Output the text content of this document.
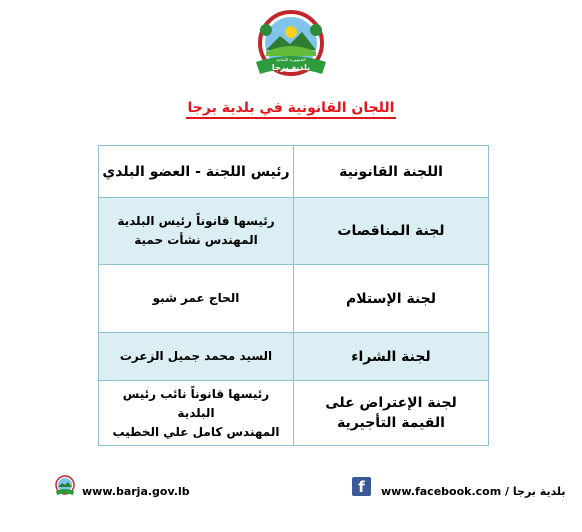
بلدية برجا
الجمهورية اللبنانية
اللجان القانونية في بلدية برجا
اللجنة القانونية	رئيس اللجنة - العضو البلدي
لجنة المناقصات	رئيسها قانوناً رئيس البلدية
المهندس نشأت حمية

لجنة الإستلام	الحاج عمر شبو

لجنة الشراء	السيد محمد جميل الزعرت

لجنة الإعتراض على القيمة التأجيرية	رئيسها قانوناً نائب رئيس البلدية
المهندس كامل علي الخطيب
www.barja.gov.lb	f	www.facebook.com / بلدية برجا
